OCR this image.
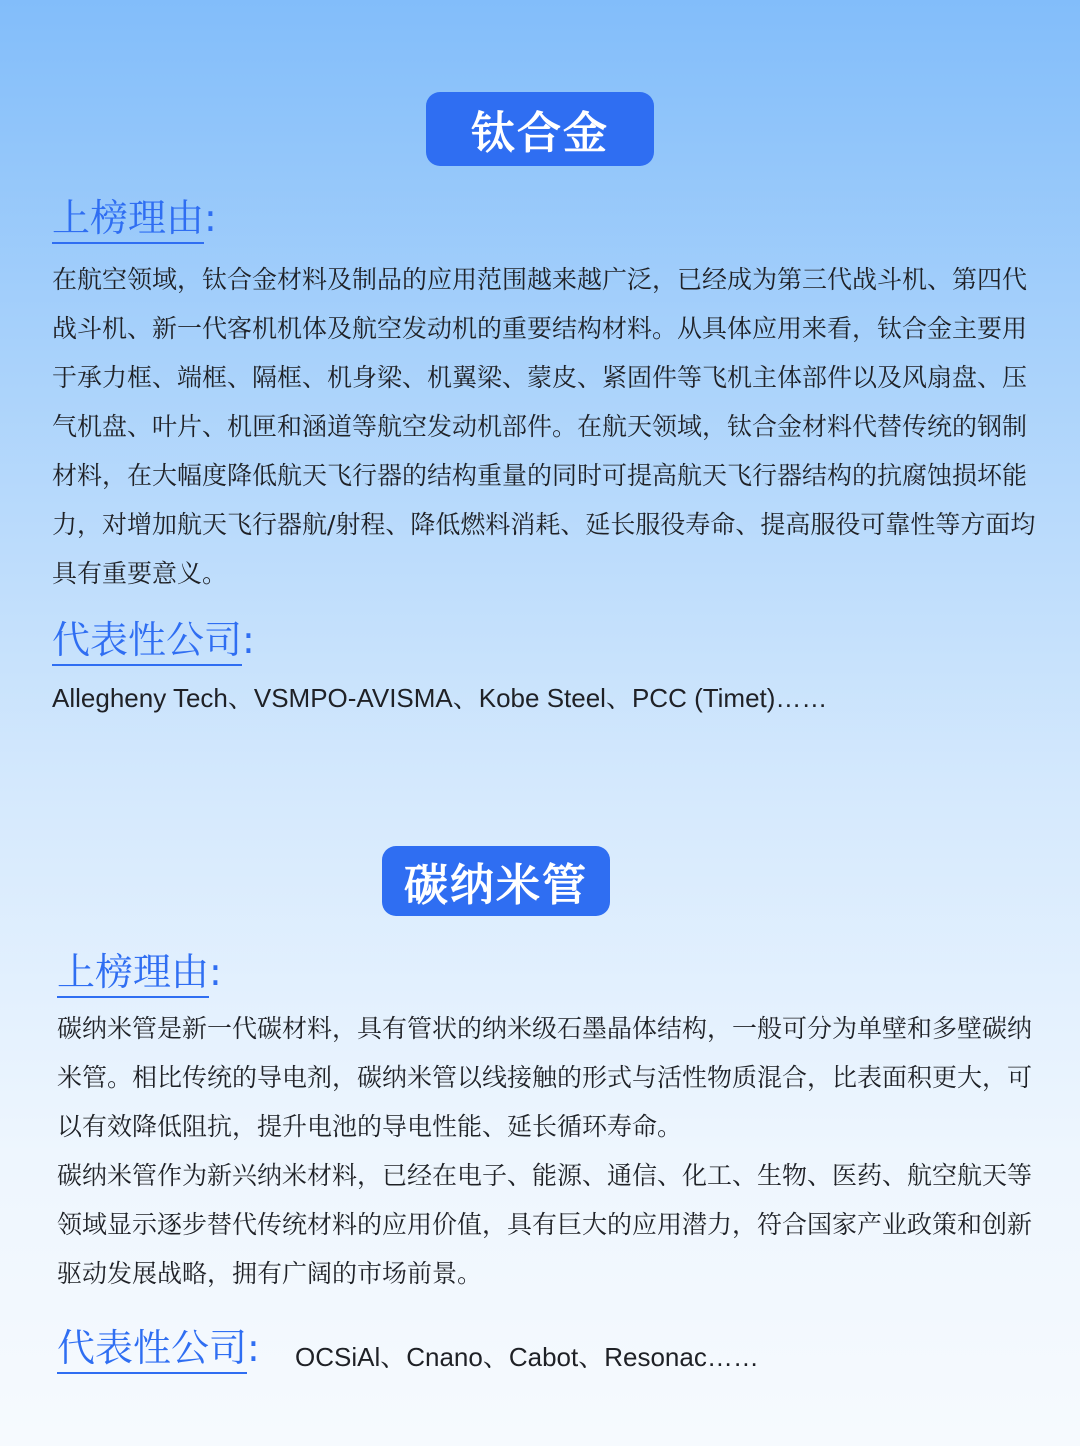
钛合金
上榜理由:

在航空领域，钛合金材料及制品的应用范围越来越广泛，已经成为第三代战斗机、第四代战斗机、新一代客机机体及航空发动机的重要结构材料。从具体应用来看，钛合金主要用于承力框、端框、隔框、机身梁、机翼梁、蒙皮、紧固件等飞机主体部件以及风扇盘、压气机盘、叶片、机匣和涵道等航空发动机部件。在航天领域，钛合金材料代替传统的钢制材料，在大幅度降低航天飞行器的结构重量的同时可提高航天飞行器结构的抗腐蚀损坏能力，对增加航天飞行器航/射程、降低燃料消耗、延长服役寿命、提高服役可靠性等方面均具有重要意义。

代表性公司:
Allegheny Tech、VSMPO-AVISMA、Kobe Steel、PCC (Timet)……
碳纳米管
上榜理由:

碳纳米管是新一代碳材料，具有管状的纳米级石墨晶体结构，一般可分为单壁和多壁碳纳米管。相比传统的导电剂，碳纳米管以线接触的形式与活性物质混合，比表面积更大，可以有效降低阻抗，提升电池的导电性能、延长循环寿命。

碳纳米管作为新兴纳米材料，已经在电子、能源、通信、化工、生物、医药、航空航天等领域显示逐步替代传统材料的应用价值，具有巨大的应用潜力，符合国家产业政策和创新驱动发展战略，拥有广阔的市场前景。

代表性公司: OCSiAl、Cnano、Cabot、Resonac……
